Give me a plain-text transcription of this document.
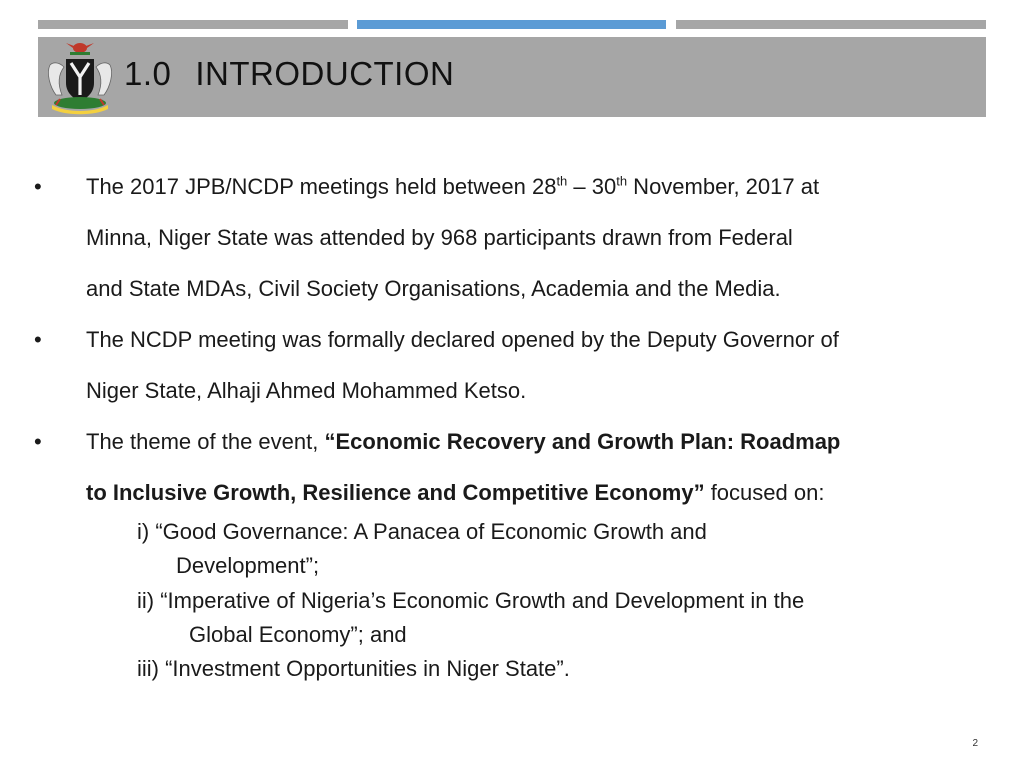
1.0 INTRODUCTION
• The 2017 JPB/NCDP meetings held between 28th – 30th November, 2017 at
Minna, Niger State was attended by 968 participants drawn from Federal
and State MDAs, Civil Society Organisations, Academia and the Media.
• The NCDP meeting was formally declared opened by the Deputy Governor of
Niger State, Alhaji Ahmed Mohammed Ketso.
• The theme of the event, “Economic Recovery and Growth Plan: Roadmap
to Inclusive Growth, Resilience and Competitive Economy” focused on:
i) “Good Governance: A Panacea of Economic Growth and
Development”;
ii) “Imperative of Nigeria’s Economic Growth and Development in the
Global Economy”; and
iii) “Investment Opportunities in Niger State”.
2
